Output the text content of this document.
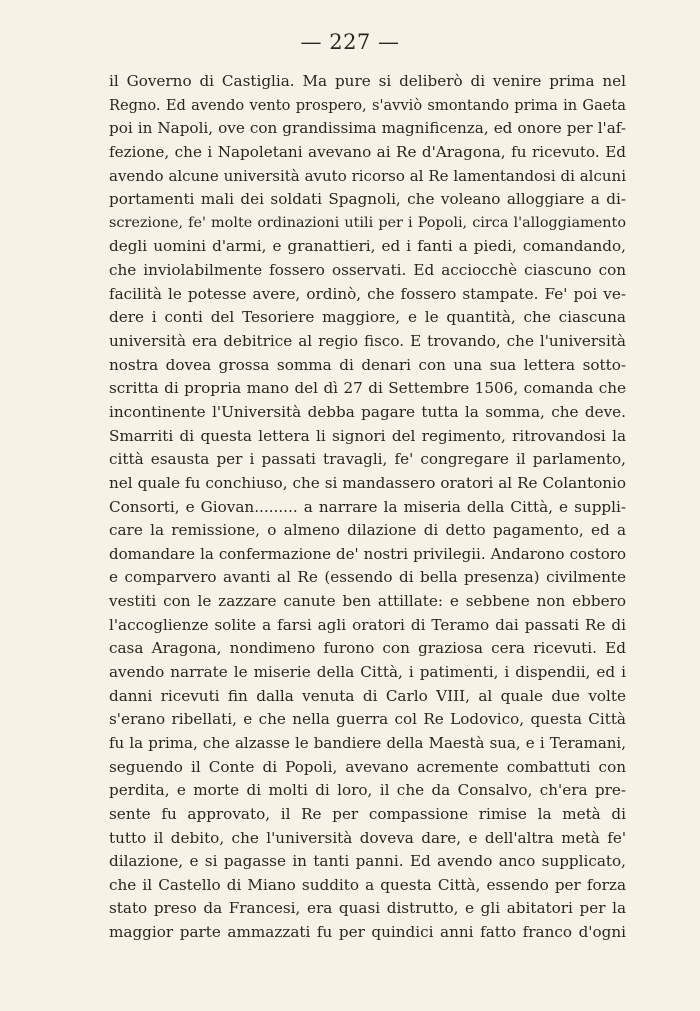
— 227 —
il Governo di Castiglia. Ma pure si deliberò di venire prima nel
Regno. Ed avendo vento prospero, s'avviò smontando prima in Gaeta
poi in Napoli, ove con grandissima magnificenza, ed onore per l'af-
fezione, che i Napoletani avevano ai Re d'Aragona, fu ricevuto. Ed
avendo alcune università avuto ricorso al Re lamentandosi di alcuni
portamenti mali dei soldati Spagnoli, che voleano alloggiare a di-
screzione, fe' molte ordinazioni utili per i Popoli, circa l'alloggiamento
degli uomini d'armi, e granattieri, ed i fanti a piedi, comandando,
che inviolabilmente fossero osservati. Ed acciocchè ciascuno con
facilità le potesse avere, ordinò, che fossero stampate. Fe' poi ve-
dere i conti del Tesoriere maggiore, e le quantità, che ciascuna
università era debitrice al regio fisco. E trovando, che l'università
nostra dovea grossa somma di denari con una sua lettera sotto-
scritta di propria mano del dì 27 di Settembre 1506, comanda che
incontinente l'Università debba pagare tutta la somma, che deve.
Smarriti di questa lettera li signori del regimento, ritrovandosi la
città esausta per i passati travagli, fe' congregare il parlamento,
nel quale fu conchiuso, che si mandassero oratori al Re Colantonio
Consorti, e Giovan......... a narrare la miseria della Città, e suppli-
care la remissione, o almeno dilazione di detto pagamento, ed a
domandare la confermazione de' nostri privilegii. Andarono costoro
e comparvero avanti al Re (essendo di bella presenza) civilmente
vestiti con le zazzare canute ben attillate: e sebbene non ebbero
l'accoglienze solite a farsi agli oratori di Teramo dai passati Re di
casa Aragona, nondimeno furono con graziosa cera ricevuti. Ed
avendo narrate le miserie della Città, i patimenti, i dispendii, ed i
danni ricevuti fin dalla venuta di Carlo VIII, al quale due volte
s'erano ribellati, e che nella guerra col Re Lodovico, questa Città
fu la prima, che alzasse le bandiere della Maestà sua, e i Teramani,
seguendo il Conte di Popoli, avevano acremente combattuti con
perdita, e morte di molti di loro, il che da Consalvo, ch'era pre-
sente fu approvato, il Re per compassione rimise la metà di
tutto il debito, che l'università doveva dare, e dell'altra metà fe'
dilazione, e si pagasse in tanti panni. Ed avendo anco supplicato,
che il Castello di Miano suddito a questa Città, essendo per forza
stato preso da Francesi, era quasi distrutto, e gli abitatori per la
maggior parte ammazzati fu per quindici anni fatto franco d'ogni
